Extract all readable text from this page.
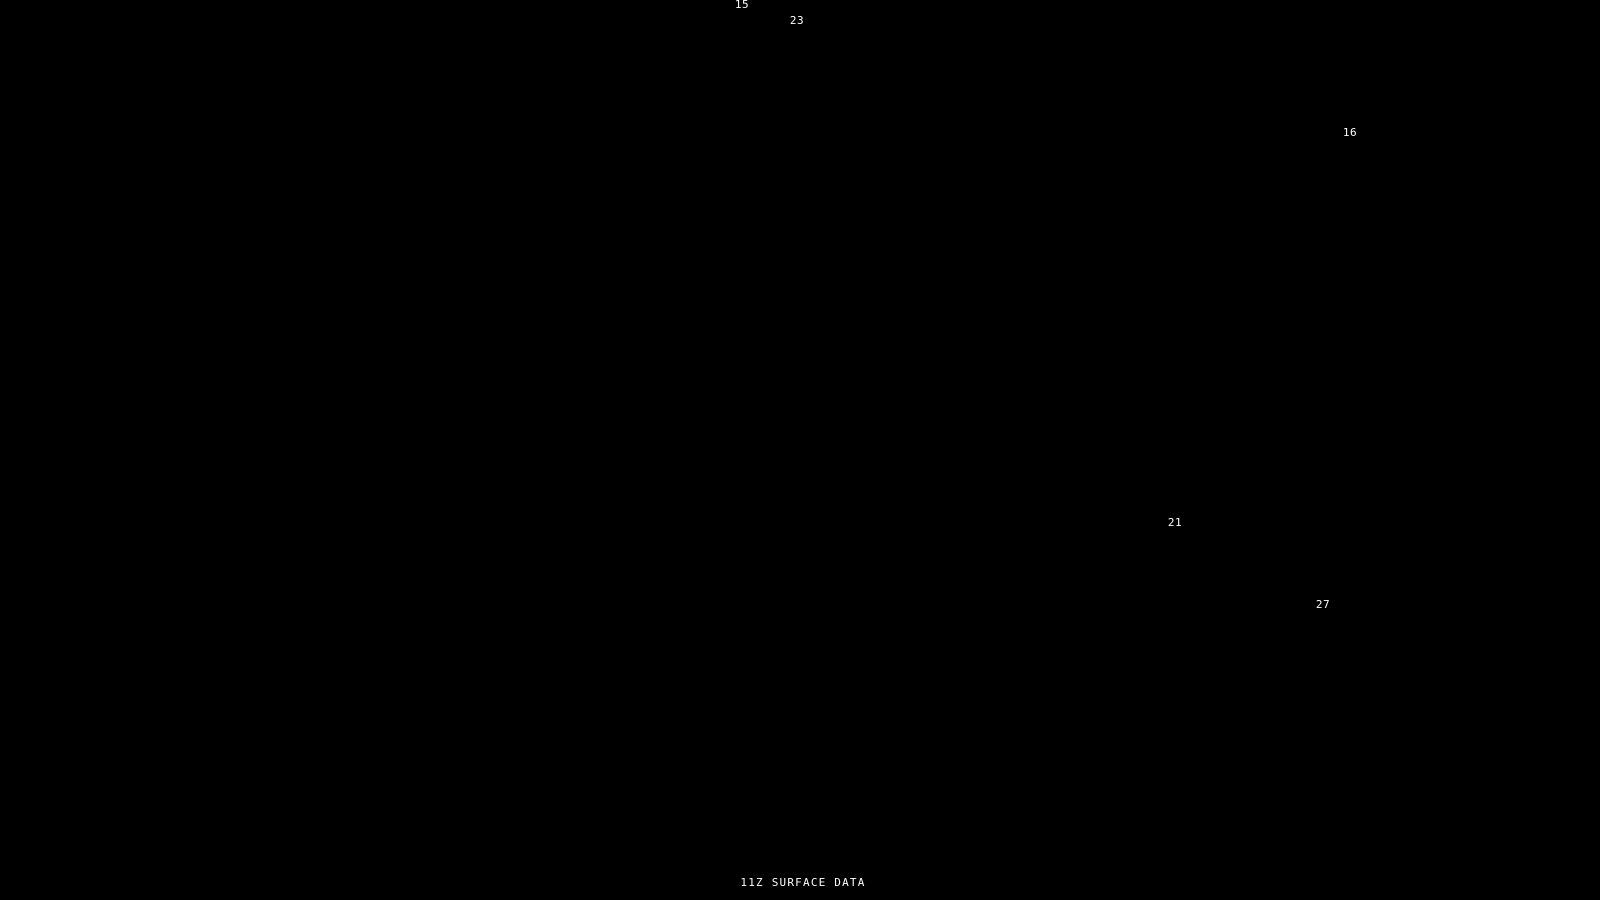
15
23
16
21
27
11Z SURFACE DATA
